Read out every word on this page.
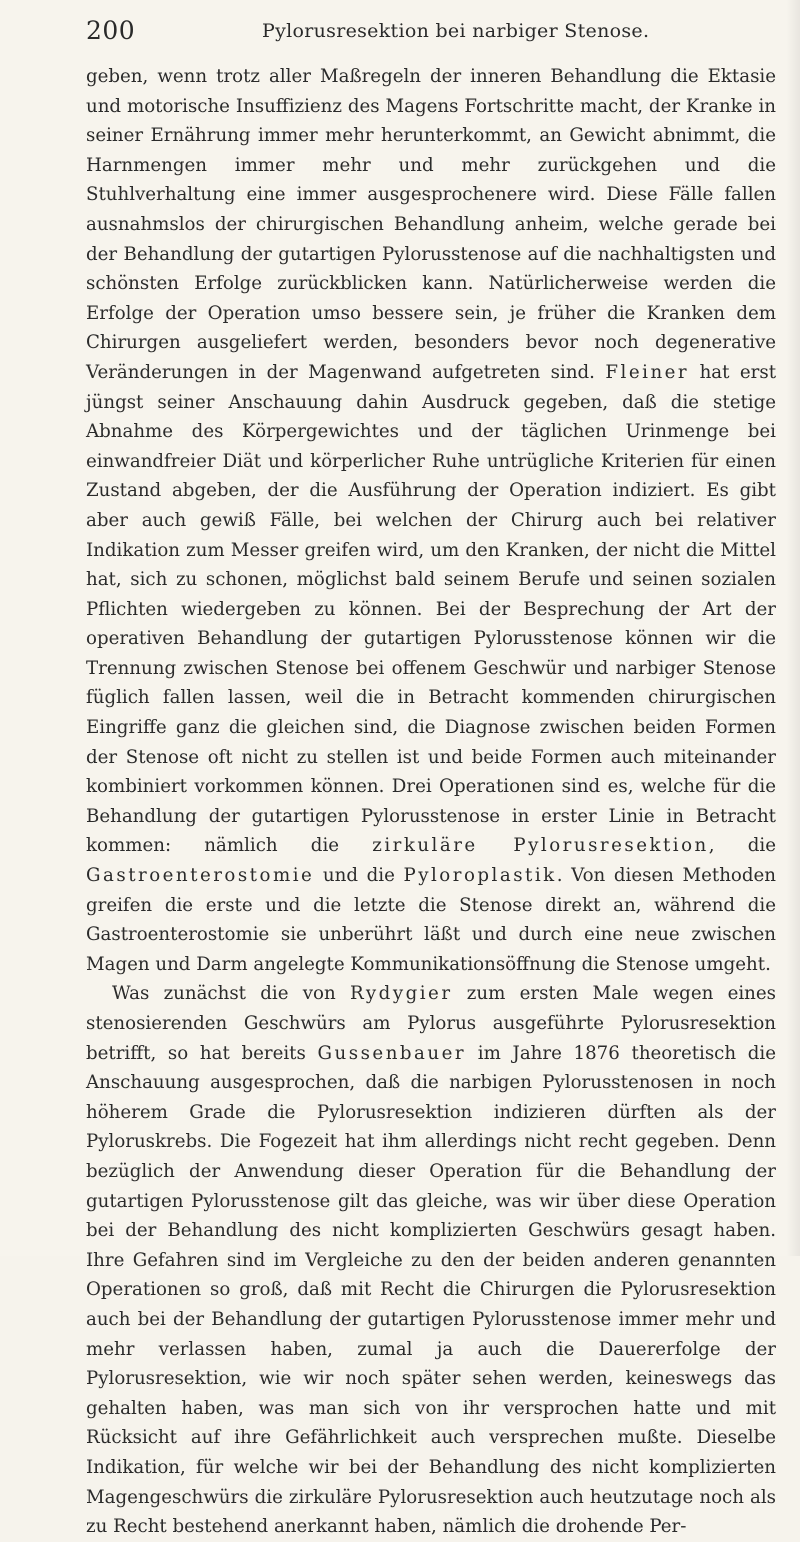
200	Pylorusresektion bei narbiger Stenose.

geben, wenn trotz aller Maßregeln der inneren Behandlung die Ektasie und motorische Insuffizienz des Magens Fortschritte macht, der Kranke in seiner Ernährung immer mehr herunterkommt, an Gewicht abnimmt, die Harnmengen immer mehr und mehr zurückgehen und die Stuhlverhaltung eine immer ausgesprochenere wird. Diese Fälle fallen ausnahmslos der chirurgischen Behandlung anheim, welche gerade bei der Behandlung der gutartigen Pylorusstenose auf die nachhaltigsten und schönsten Erfolge zurückblicken kann. Natürlicherweise werden die Erfolge der Operation umso bessere sein, je früher die Kranken dem Chirurgen ausgeliefert werden, besonders bevor noch degenerative Veränderungen in der Magenwand aufgetreten sind. Fleiner hat erst jüngst seiner Anschauung dahin Ausdruck gegeben, daß die stetige Abnahme des Körpergewichtes und der täglichen Urinmenge bei einwandfreier Diät und körperlicher Ruhe untrügliche Kriterien für einen Zustand abgeben, der die Ausführung der Operation indiziert. Es gibt aber auch gewiß Fälle, bei welchen der Chirurg auch bei relativer Indikation zum Messer greifen wird, um den Kranken, der nicht die Mittel hat, sich zu schonen, möglichst bald seinem Berufe und seinen sozialen Pflichten wiedergeben zu können. Bei der Besprechung der Art der operativen Behandlung der gutartigen Pylorusstenose können wir die Trennung zwischen Stenose bei offenem Geschwür und narbiger Stenose füglich fallen lassen, weil die in Betracht kommenden chirurgischen Eingriffe ganz die gleichen sind, die Diagnose zwischen beiden Formen der Stenose oft nicht zu stellen ist und beide Formen auch miteinander kombiniert vorkommen können. Drei Operationen sind es, welche für die Behandlung der gutartigen Pylorusstenose in erster Linie in Betracht kommen: nämlich die zirkuläre Pylorusresektion, die Gastroenterostomie und die Pyloroplastik. Von diesen Methoden greifen die erste und die letzte die Stenose direkt an, während die Gastroenterostomie sie unberührt läßt und durch eine neue zwischen Magen und Darm angelegte Kommunikationsöffnung die Stenose umgeht.

Was zunächst die von Rydygier zum ersten Male wegen eines stenosierenden Geschwürs am Pylorus ausgeführte Pylorusresektion betrifft, so hat bereits Gussenbauer im Jahre 1876 theoretisch die Anschauung ausgesprochen, daß die narbigen Pylorusstenosen in noch höherem Grade die Pylorusresektion indizieren dürften als der Pyloruskrebs. Die Fogezeit hat ihm allerdings nicht recht gegeben. Denn bezüglich der Anwendung dieser Operation für die Behandlung der gutartigen Pylorusstenose gilt das gleiche, was wir über diese Operation bei der Behandlung des nicht komplizierten Geschwürs gesagt haben. Ihre Gefahren sind im Vergleiche zu den der beiden anderen genannten Operationen so groß, daß mit Recht die Chirurgen die Pylorusresektion auch bei der Behandlung der gutartigen Pylorusstenose immer mehr und mehr verlassen haben, zumal ja auch die Dauererfolge der Pylorusresektion, wie wir noch später sehen werden, keineswegs das gehalten haben, was man sich von ihr versprochen hatte und mit Rücksicht auf ihre Gefährlichkeit auch versprechen mußte. Dieselbe Indikation, für welche wir bei der Behandlung des nicht komplizierten Magengeschwürs die zirkuläre Pylorusresektion auch heutzutage noch als zu Recht bestehend anerkannt haben, nämlich die drohende Per-
